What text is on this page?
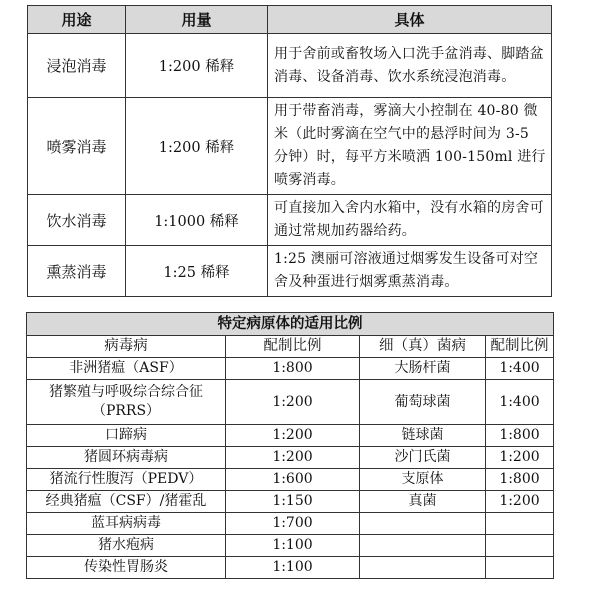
用途	用量	具体
浸泡消毒	1:200 稀释	用于舍前或畜牧场入口洗手盆消毒、脚踏盆消毒、设备消毒、饮水系统浸泡消毒。
喷雾消毒	1:200 稀释	用于带畜消毒，雾滴大小控制在 40-80 微米（此时雾滴在空气中的悬浮时间为 3-5 分钟）时，每平方米喷洒 100-150ml 进行喷雾消毒。
饮水消毒	1:1000 稀释	可直接加入舍内水箱中，没有水箱的房舍可通过常规加药器给药。
熏蒸消毒	1:25 稀释	1:25 澳丽可溶液通过烟雾发生设备可对空舍及种蛋进行烟雾熏蒸消毒。
特定病原体的适用比例			
病毒病	配制比例	细（真）菌病	配制比例
非洲猪瘟（ASF）	1:800	大肠杆菌	1:400
猪繁殖与呼吸综合综合征（PRRS）	1:200	葡萄球菌	1:400
口蹄病	1:200	链球菌	1:800
猪圆环病毒病	1:200	沙门氏菌	1:200
猪流行性腹泻（PEDV）	1:600	支原体	1:800
经典猪瘟（CSF）/猪霍乱	1:150	真菌	1:200
蓝耳病病毒	1:700		
猪水疱病	1:100		
传染性胃肠炎	1:100		
